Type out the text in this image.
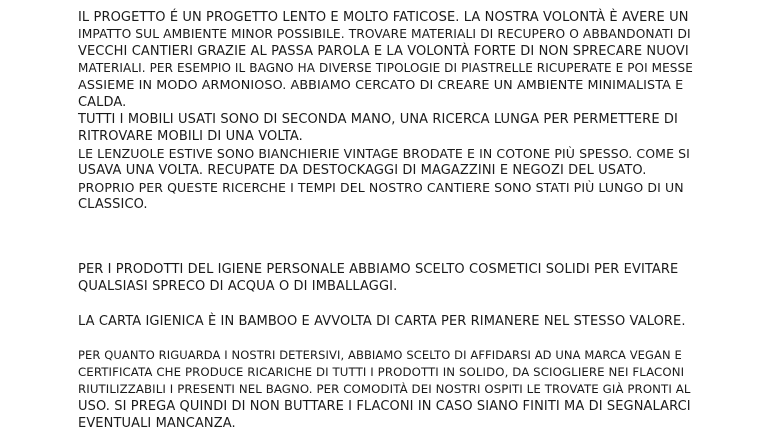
IL PROGETTO É UN PROGETTO LENTO E MOLTO FATICOSE. LA NOSTRA VOLONTÀ È AVERE UN
IMPATTO SUL AMBIENTE MINOR POSSIBILE. TROVARE MATERIALI DI RECUPERO O ABBANDONATI DI
VECCHI CANTIERI GRAZIE AL PASSA PAROLA E LA VOLONTÀ FORTE DI NON SPRECARE NUOVI
MATERIALI. PER ESEMPIO IL BAGNO HA DIVERSE TIPOLOGIE DI PIASTRELLE RICUPERATE E POI MESSE
ASSIEME IN MODO ARMONIOSO. ABBIAMO CERCATO DI CREARE UN AMBIENTE MINIMALISTA E
CALDA.
TUTTI I MOBILI USATI SONO DI SECONDA MANO, UNA RICERCA LUNGA PER PERMETTERE DI
RITROVARE MOBILI DI UNA VOLTA.
LE LENZUOLE ESTIVE SONO BIANCHIERIE VINTAGE BRODATE E IN COTONE PIÙ SPESSO. COME SI
USAVA UNA VOLTA. RECUPATE DA DESTOCKAGGI DI MAGAZZINI E NEGOZI DEL USATO.
PROPRIO PER QUESTE RICERCHE I TEMPI DEL NOSTRO CANTIERE SONO STATI PIÙ LUNGO DI UN
CLASSICO.

PER I PRODOTTI DEL IGIENE PERSONALE ABBIAMO SCELTO COSMETICI SOLIDI PER EVITARE
QUALSIASI SPRECO DI ACQUA O DI IMBALLAGGI.

LA CARTA IGIENICA È IN BAMBOO E AVVOLTA DI CARTA PER RIMANERE NEL STESSO VALORE.

PER QUANTO RIGUARDA I NOSTRI DETERSIVI, ABBIAMO SCELTO DI AFFIDARSI AD UNA MARCA VEGAN E
CERTIFICATA CHE PRODUCE RICARICHE DI TUTTI I PRODOTTI IN SOLIDO, DA SCIOGLIERE NEI FLACONI
RIUTILIZZABILI I PRESENTI NEL BAGNO. PER COMODITÀ DEI NOSTRI OSPITI LE TROVATE GIÀ PRONTI AL
USO. SI PREGA QUINDI DI NON BUTTARE I FLACONI IN CASO SIANO FINITI MA DI SEGNALARCI
EVENTUALI MANCANZA.
